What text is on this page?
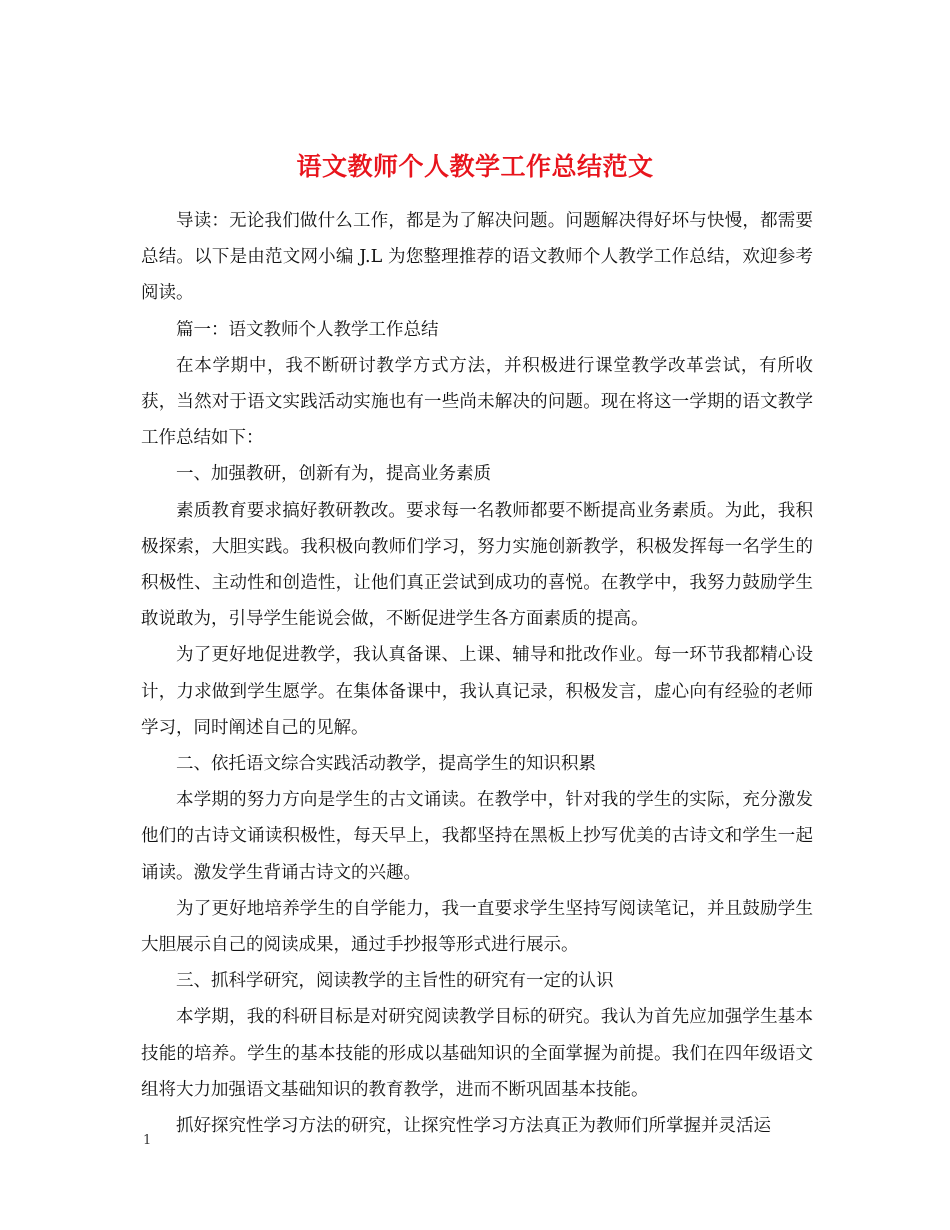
语文教师个人教学工作总结范文

导读：无论我们做什么工作，都是为了解决问题。问题解决得好坏与快慢，都需要总结。以下是由范文网小编 J.L 为您整理推荐的语文教师个人教学工作总结，欢迎参考阅读。

篇一：语文教师个人教学工作总结

在本学期中，我不断研讨教学方式方法，并积极进行课堂教学改革尝试，有所收获，当然对于语文实践活动实施也有一些尚未解决的问题。现在将这一学期的语文教学工作总结如下：

一、加强教研，创新有为，提高业务素质

素质教育要求搞好教研教改。要求每一名教师都要不断提高业务素质。为此，我积极探索，大胆实践。我积极向教师们学习，努力实施创新教学，积极发挥每一名学生的积极性、主动性和创造性，让他们真正尝试到成功的喜悦。在教学中，我努力鼓励学生敢说敢为，引导学生能说会做，不断促进学生各方面素质的提高。

为了更好地促进教学，我认真备课、上课、辅导和批改作业。每一环节我都精心设计，力求做到学生愿学。在集体备课中，我认真记录，积极发言，虚心向有经验的老师学习，同时阐述自己的见解。

二、依托语文综合实践活动教学，提高学生的知识积累

本学期的努力方向是学生的古文诵读。在教学中，针对我的学生的实际，充分激发他们的古诗文诵读积极性，每天早上，我都坚持在黑板上抄写优美的古诗文和学生一起诵读。激发学生背诵古诗文的兴趣。

为了更好地培养学生的自学能力，我一直要求学生坚持写阅读笔记，并且鼓励学生大胆展示自己的阅读成果，通过手抄报等形式进行展示。

三、抓科学研究，阅读教学的主旨性的研究有一定的认识

本学期，我的科研目标是对研究阅读教学目标的研究。我认为首先应加强学生基本技能的培养。学生的基本技能的形成以基础知识的全面掌握为前提。我们在四年级语文组将大力加强语文基础知识的教育教学，进而不断巩固基本技能。

抓好探究性学习方法的研究，让探究性学习方法真正为教师们所掌握并灵活运

1
